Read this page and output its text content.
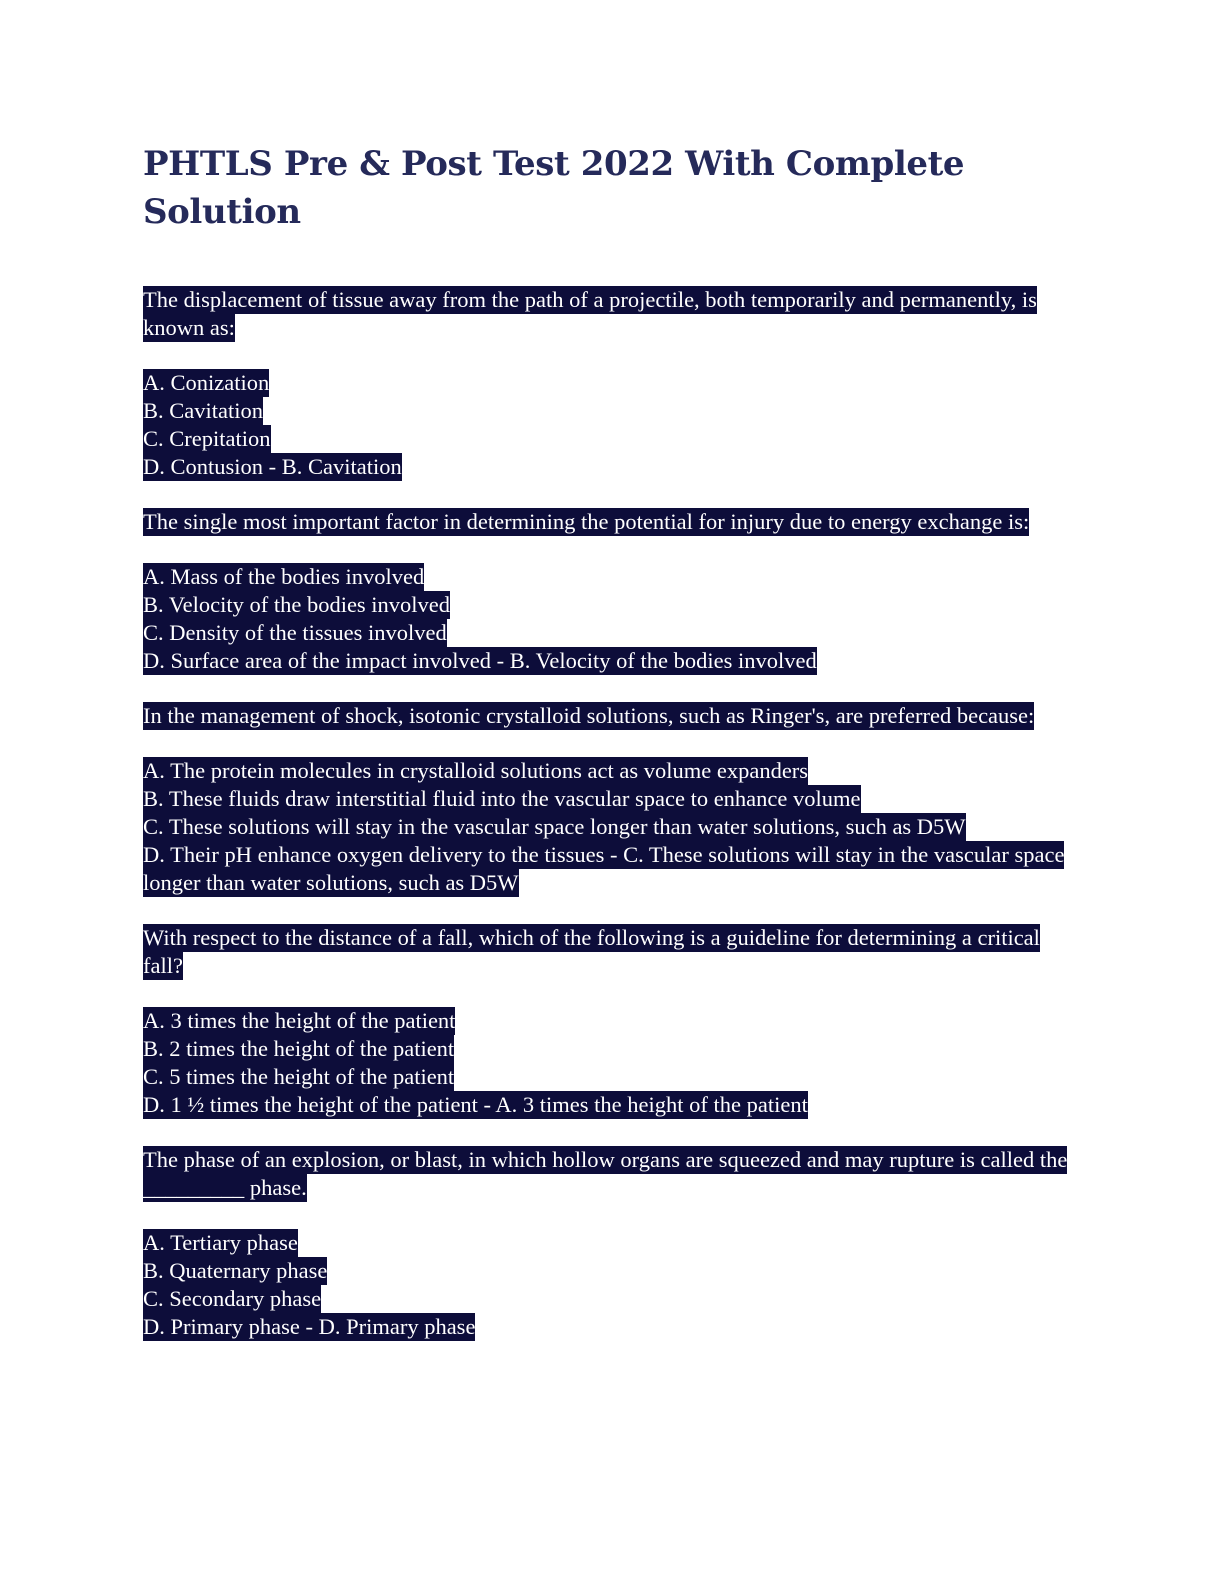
PHTLS Pre & Post Test 2022 With Complete Solution

The displacement of tissue away from the path of a projectile, both temporarily and permanently, is known as:

A. Conization
B. Cavitation
C. Crepitation
D. Contusion - B. Cavitation

The single most important factor in determining the potential for injury due to energy exchange is:

A. Mass of the bodies involved
B. Velocity of the bodies involved
C. Density of the tissues involved
D. Surface area of the impact involved - B. Velocity of the bodies involved

In the management of shock, isotonic crystalloid solutions, such as Ringer's, are preferred because:

A. The protein molecules in crystalloid solutions act as volume expanders
B. These fluids draw interstitial fluid into the vascular space to enhance volume
C. These solutions will stay in the vascular space longer than water solutions, such as D5W
D. Their pH enhance oxygen delivery to the tissues - C. These solutions will stay in the vascular space longer than water solutions, such as D5W

With respect to the distance of a fall, which of the following is a guideline for determining a critical fall?

A. 3 times the height of the patient
B. 2 times the height of the patient
C. 5 times the height of the patient
D. 1 ½ times the height of the patient - A. 3 times the height of the patient

The phase of an explosion, or blast, in which hollow organs are squeezed and may rupture is called the _________ phase.

A. Tertiary phase
B. Quaternary phase
C. Secondary phase
D. Primary phase - D. Primary phase
